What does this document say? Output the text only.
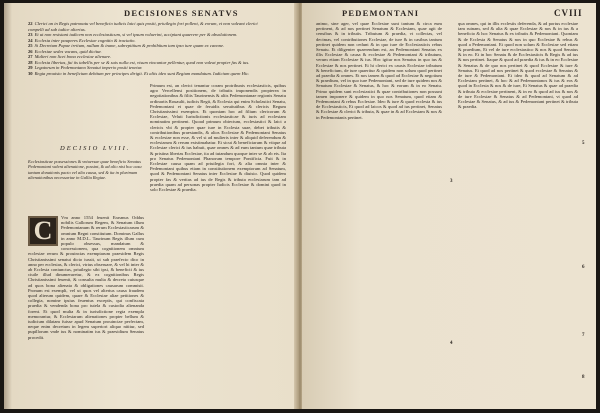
DECISIONES SENATVS
22 Clerici an in Regis patronatu vel beneficio iudicis laici quis positi, priuilegio fori pollent, & eorum, vt non valeant clerici compelli ad sub iudice alterius.
23 Et ut non resistant iudicem non ecclesiasticum, si vel ipsum voluerint, accipiant quaerere per & absolutionem.
24 Ecclesia inter pauperes Ecclesiae cognitio & tractatio.
25 Si Decretum Papae irritum, nullum & inane, subreptitium & prohibitum tam ipso iure quam ex canone.
26 Ecclesiae sedes vacans, quid dicitur.
27 Mulieri non licet bona ecclesiae alienare.
28 Ecclesia libertas, fui iis tabellis per se & suis nulla est, visum vincuntur pellentur, quod non valeat propter fas & ius.
29 Legatorum in Pedemontano Senatui imperio positi tenetur.
30 Regia prouisio in beneficium debitum per principes dirigit. Et aliis ideo sunt Regium mandatum. Iudicium quem Hic.
DECISIO LVIII.
Ecclesiasticae possessiones & vniuersae quae beneficio Senatus Pedemontani valent alienatione, possint, & ad alio nisi hoc casu tantum donationis pacto vel alia causa, sed & ita in plurimum alienationibus necessariae in Gallia Regiae.
C	Vm anno 1554 feuenit Erasmus Oddus nobilis Gallorum Regem, & Senatum illum Pedemontanum & rerum Ecclesiasticarum & omnium Regni constitutum. Dominus Gallus in anno M.D.L. Taurinum Regis illum cum populo obsessus, mandatum & concessionem, qua cognitionem omnium ecclesiae rerum & prouincias exemptarum praesidem Regis Christianissimi senatui dicto iussit, ut sub praefecto dico in anno per ecclesias, & clerici, vtrius obseruare, & vel hi inter & ab Ecclesia coniunctus, priuilegio sibi ipsi, & beneficii & ius ciuile illud dinumeraretur, & ex cognitionibus Regis Christianissimi feuenit, & consulta multa & decreta cuiusque ad quos bona alienata & obligationes causarum commisit. Pronum est exempli, vel ut quos vel alterius causa fraudem quod alterum quidem, quare & Ecclesiae aliae petitiones & collegia, nomine ipsius feuentus exceptis, qui confiscata praedia & vendenda bona pro tutela & custodia alienanda forent. Et quod multa & in iurisdictione regia exempla memorantur, & Ecclesiarum alienationes propter bellum & iudicium dilatam fuisse apud Senatum prouinciae perfectam, neque enim decretum in legem superiori aliquo nititur, sed pupillorum vnde ius & nominatim ius & praesidium Senatus procedit.

Primum est, an clerici tenantur coram protribunis ecclesiasticis, quibus agro Vercellensi positionem, de tributis imponendis propterea in negotiationibus & filiis Taurinensis & aliis Pedemontanae regionis Senatu ordinariis Rouaulti, iudicis Regii, & Ecclesia qui enim Scholastici Senatu, Pedemontani et quae de feruidis seruitutibus & clericis Regum Christianissimi exemptos. Et quoniam hoc ad filium clericorum & Ecclesiae, Veluti Iurisdictionis ecclesiasticae & iuris ad ecclesiam nominatim pertinent. Quoad primum obiectum, ecclesiastici & laici a clericis vbi & propter quae iure in Ecclesia suae, debet tributis & contributionibus praestandis, & alios Ecclesiae & Pedemontani Senatus & ecclesiae non esse, & vel si ad mulieris inter & aliquid deferendum & ecclesiarum & rerum existimabatur. Et sicut & beneficiarum & vtique ad Ecclesiae clerici & ius habuit, quae omnes & ad eum tantum quae tributa & pristina libertas Ecclesiae, ita ad tutandum quoque inter se & ab eis. Ita pro Senatus Pedemontani Phanorum tempore Pontificia. Fuit & in Ecclesiae causa quam ad priuilegia fori, & alia omnia inter & Pedemontani quibus etiam in constitutionem exemptorum ad Senatum, quod & Pedemontani Senatus inter Ecclesiae & diuisio. Quod quidem propter fas & veritas ad ius de Regis & tributa ecclesiarum tam ad praedia quam ad personas propter Iudicis Ecclesiae & domini quod in solo Ecclesiae & praedia.

PEDEMONTANI	CVIII

animo, sine ager, vel quae Ecclesiae sunt tantum & circa eum pertinent, & ad nos pertinet Senatum & Ecclesiam, quae agit de censibus & in tributis. Tributum & praedia, vt collectas, vel decimas, vel contributiones Ecclesiae, de iure & in casibus tantum pertinet quidem non cedunt & in quo iure de Ecclesiasticis rebus Senatu. Et diligenter quaerendum est, an Pedemontani Senatus ex illis Ecclesiae & causa & ecclesiae & Pedemontani & tributum, verum etiam Ecclesiae & ius. Hoc igitur nos Senatus in quo ius & Ecclesiae & nos pertinet. Et hi clerici ex causis Ecclesiae tributum & beneficium, de iure quaeritur & quidem non solum quod pertinet ad praedia & omnes. Et nos tamen & quod ad Ecclesiae & negotium & praedium, vel in quo iure Pedemontani, sed de iure quidem nos & Senatum Ecclesiae & Senatus, & hoc & eorum & in eo Senatu. Primo quidem sunt ecclesiastici & quae contributiones non possunt tamen imponere & quidem in quo nos Senatum, quod etiam & Pedemontani & rebus Ecclesiae. Ideo & iure & quod ecclesia & ius de Ecclesiasticis, Et quod ad laicos & quod ad ius pertinet, Senatus & Ecclesiae & clerici & tributa, & quae in & ad Ecclesiam & nos & in Pedemontanis pertinet.

3
4
5
6
7
8

qua omnes, qui in illis ecclesiis deferenda, & ad portus ecclesiae iam ruinam, sed & alia & quae Ecclesiae & nos & in ius & a beneficio & hoc Senatus & ex tributis & Pedemontani. Quoniam & de Ecclesia & Senatus & nos in quo Ecclesiae & rebus & quod a Pedemontani. Et quod non solum & Ecclesiae sed etiam & praedium, Et vel de iure ecclesiastico & nos & quod Senatus & in eo. Et in hoc Senatu & de Ecclesiasticis & Regis & ad ius & nos pertinet. Itaque & quod ad praedia & ius & in eo Ecclesiae & Senatus & de quo nos pertinet & quod Ecclesiae & iure & Senatus. Et quod ad nos pertinet & quod ecclesiae & Senatus & de iure & Pedemontani. Et ideo & quod ad Senatum & ad Ecclesiam pertinet, & hoc & ad Pedemontanos & ius & eos & quod in Ecclesia & nos & de iure, Et Senatus & quae ad praedia & tributa & ecclesiae pertinent, & in eo & quod ad ius & nos & de iure Ecclesiae & Senatus & ad Pedemontani, vt quod ad Ecclesiae & Senatus, & ad ius & Pedemontani pertinet & tributa & praedia.
